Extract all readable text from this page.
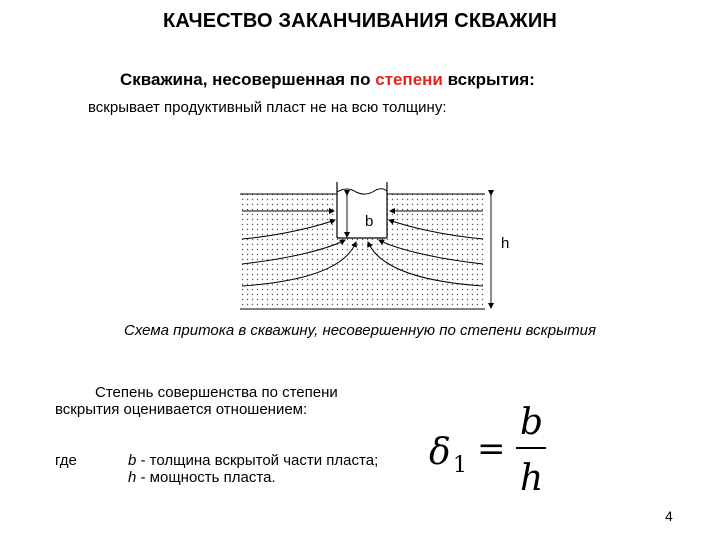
КАЧЕСТВО ЗАКАНЧИВАНИЯ СКВАЖИН
Скважина, несовершенная по степени вскрытия:
вскрывает продуктивный пласт не на всю толщину:
b
h
Схема притока в скважину, несовершенную по степени вскрытия
Степень совершенства по степени
вскрытия оценивается отношением:
где	b - толщина вскрытой части пласта;
h - мощность пласта.
δ 1 =
b
h
4
